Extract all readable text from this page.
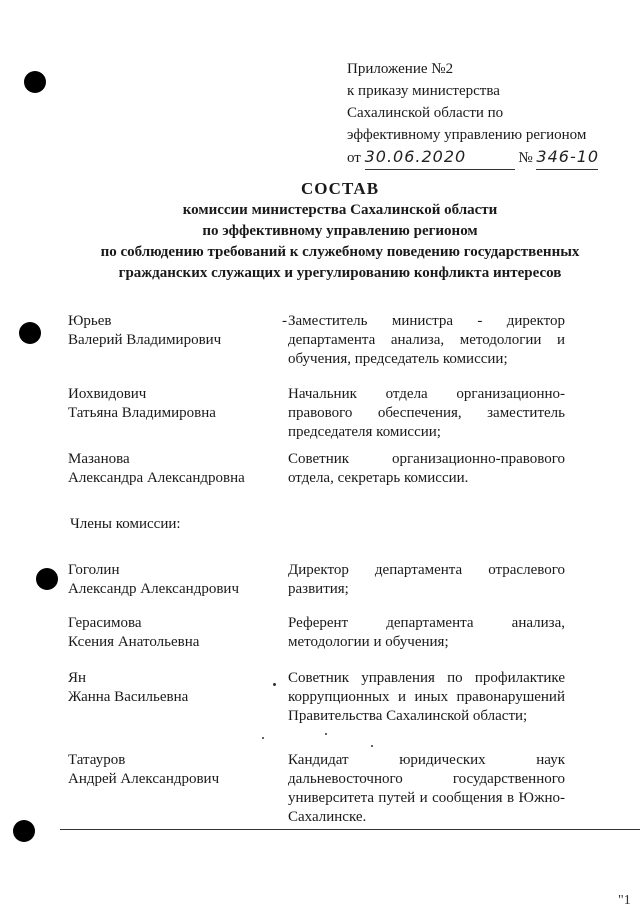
Приложение №2
к приказу министерства
Сахалинской области по
эффективному управлению регионом
от 30.06.2020	№ 346-10
СОСТАВ
комиссии министерства Сахалинской области
по эффективному управлению регионом
по соблюдению требований к служебному поведению государственных
гражданских служащих и урегулированию конфликта интересов
Юрьев
Валерий Владимирович
- Заместитель министра - директор департамента анализа, методологии и обучения, председатель комиссии;
Иохвидович
Татьяна Владимировна
Начальник отдела организационно-правового обеспечения, заместитель председателя комиссии;
Мазанова
Александра Александровна
Советник организационно-правового отдела, секретарь комиссии.
Члены комиссии:
Гоголин
Александр Александрович
Директор департамента отраслевого развития;
Герасимова
Ксения Анатольевна
Референт департамента анализа, методологии и обучения;
Ян
Жанна Васильевна
Советник управления по профилактике коррупционных и иных правонарушений Правительства Сахалинской области;
Татауров
Андрей Александрович
Кандидат юридических наук дальневосточного государственного университета путей и сообщения в Южно-Сахалинске.
"1
